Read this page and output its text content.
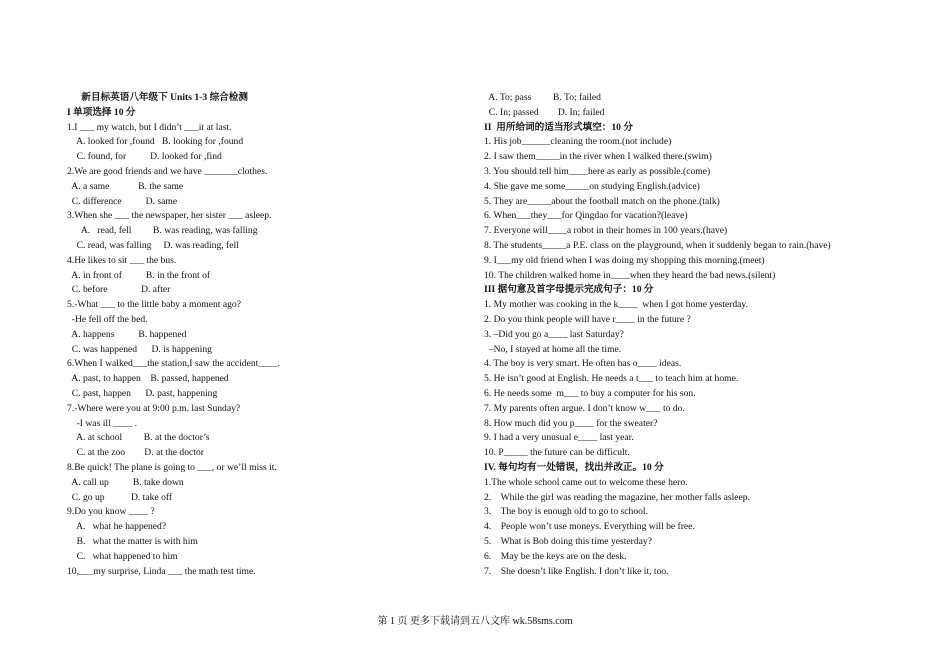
新目标英语八年级下 Units 1-3 综合检测
I 单项选择 10 分
1.I ___ my watch, but I didn’t ___it at last.
A. looked for ,found   B. looking for ,found
C. found, for          D. looked for ,find
2.We are good friends and we have _______clothes.
A. a same            B. the same
C. difference          D. same
3.When she ___ the newspaper, her sister ___ asleep.
A.   read, fell         B. was reading, was falling
C. read, was falling     D. was reading, fell
4.He likes to sit ___ the bus.
A. in front of          B. in the front of
C. before              D. after
5.-What ___ to the little baby a moment ago?
-He fell off the bed.
A. happens          B. happened
C. was happened      D. is happening
6.When I walked___the station,I saw the accident____.
A. past, to happen    B. passed, happened
C. past, happen      D. past, happening
7.-Where were you at 9:00 p.m. last Sunday?
-I was ill ____ .
A. at school         B. at the doctor’s
C. at the zoo        D. at the doctor
8.Be quick! The plane is going to ___, or we’ll miss it.
A. call up          B. take down
C. go up           D. take off
9.Do you know ____ ?
A.   what he happened?
B.   what the matter is with him
C.   what happened to him
10,___my surprise, Linda ___ the math test time.
A. To; pass         B. To; failed
C. In; passed        D. In; failed
II  用所给词的适当形式填空：10 分
1. His job______cleaning the room.(not include)
2. I saw them_____in the river when I walked there.(swim)
3. You should tell him____here as early as possible.(come)
4. She gave me some_____on studying English.(advice)
5. They are_____about the football match on the phone.(talk)
6. When___they___for Qingdao for vacation?(leave)
7. Everyone will____a robot in their homes in 100 years.(have)
8. The students_____a P.E. class on the playground, when it suddenly began to rain.(have)
9. I___my old friend when I was doing my shopping this morning.(meet)
10. The children walked home in____when they heard the bad news.(silent)
III 据句意及首字母提示完成句子：10 分
1. My mother was cooking in the k____  when I got home yesterday.
2. Do you think people will have r____ in the future ?
3. –Did you go a____ last Saturday?
–No, I stayed at home all the time.
4. The boy is very smart. He often has o____ ideas.
5. He isn’t good at English. He needs a t___ to teach him at home.
6. He needs some  m___ to buy a computer for his son.
7. My parents often argue. I don’t know w___ to do.
8. How much did you p____ for the sweater?
9. I had a very unusual e____ last year.
10. P_____ the future can be difficult.
IV. 每句均有一处错误，找出并改正。10 分
1.The whole school came out to welcome these hero.
2.    While the girl was reading the magazine, her mother falls asleep.
3.    The boy is enough old to go to school.
4.    People won’t use moneys. Everything will be free.
5.    What is Bob doing this time yesterday?
6.    May be the keys are on the desk.
7.    She doesn’t like English. I don’t like it, too.
第 1 页 更多下载请到五八文库 wk.58sms.com
